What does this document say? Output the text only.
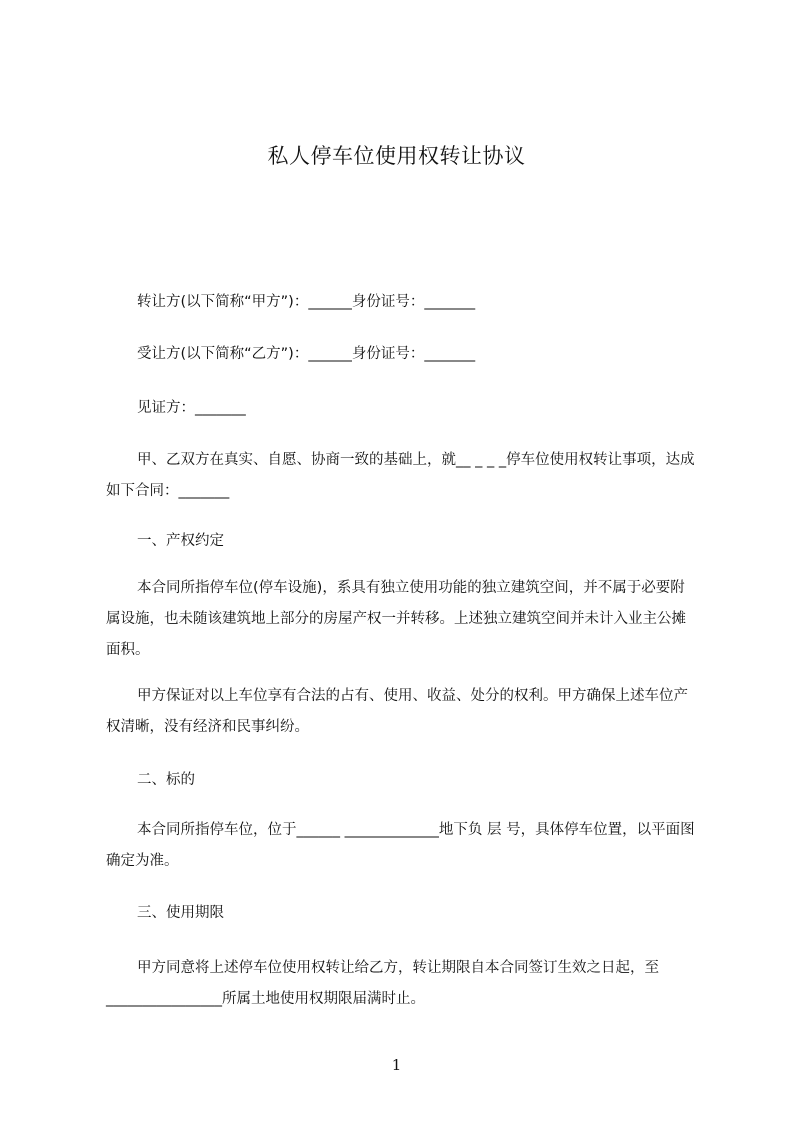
私人停车位使用权转让协议
转让方(以下简称“甲方”)：______身份证号：_______
受让方(以下简称“乙方”)：______身份证号：_______
见证方：_______
甲、乙双方在真实、自愿、协商一致的基础上，就__ _ _ _停车位使用权转让事项，达成如下合同：_______
一、产权约定
本合同所指停车位(停车设施)，系具有独立使用功能的独立建筑空间，并不属于必要附属设施，也未随该建筑地上部分的房屋产权一并转移。上述独立建筑空间并未计入业主公摊面积。
甲方保证对以上车位享有合法的占有、使用、收益、处分的权利。甲方确保上述车位产权清晰，没有经济和民事纠纷。
二、标的
本合同所指停车位，位于______ _____________地下负 层 号，具体停车位置，以平面图确定为准。
三、使用期限
甲方同意将上述停车位使用权转让给乙方，转让期限自本合同签订生效之日起，至________________所属土地使用权期限届满时止。
1
